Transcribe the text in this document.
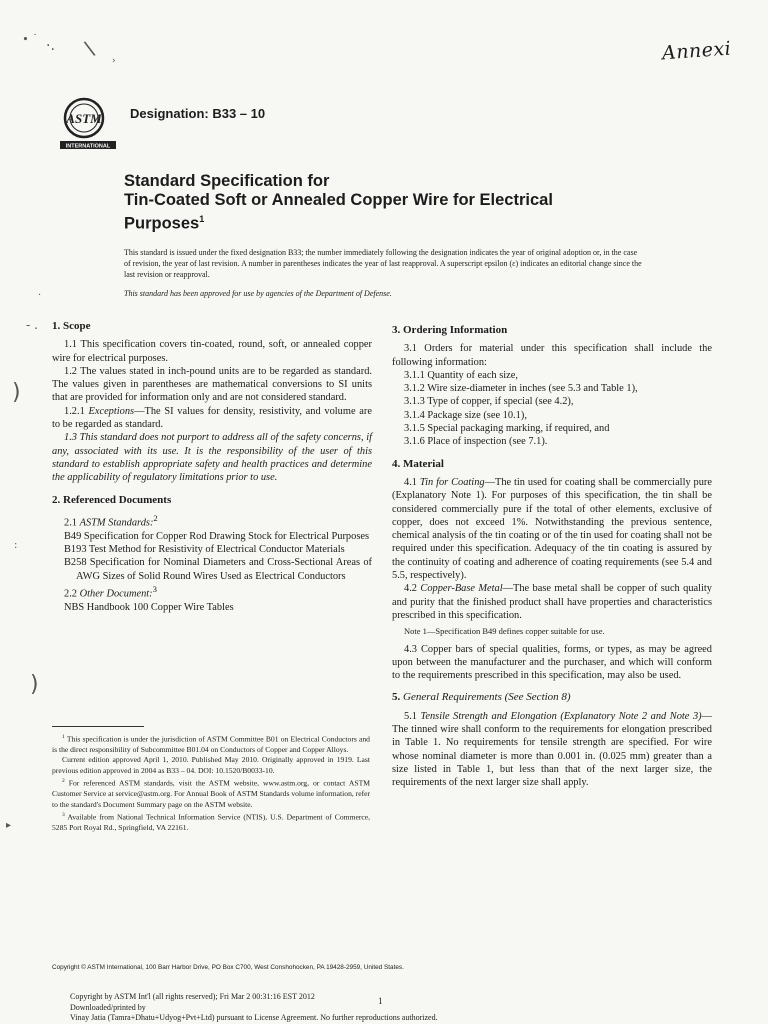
∙ ˙ ·. \
›
·
- .
)
:
)
▸
Annexi
ASTM
INTERNATIONAL
Designation: B33 – 10
Standard Specification for
Tin-Coated Soft or Annealed Copper Wire for Electrical
Purposes$^1$
This standard is issued under the fixed designation B33; the number immediately following the designation indicates the year of original adoption or, in the case of revision, the year of last revision. A number in parentheses indicates the year of last reapproval. A superscript epsilon (ε) indicates an editorial change since the last revision or reapproval.
This standard has been approved for use by agencies of the Department of Defense.
1. Scope

1.1 This specification covers tin-coated, round, soft, or annealed copper wire for electrical purposes.

1.2 The values stated in inch-pound units are to be regarded as standard. The values given in parentheses are mathematical conversions to SI units that are provided for information only and are not considered standard.

1.2.1 Exceptions—The SI values for density, resistivity, and volume are to be regarded as standard.

1.3 This standard does not purport to address all of the safety concerns, if any, associated with its use. It is the responsibility of the user of this standard to establish appropriate safety and health practices and determine the applicability of regulatory limitations prior to use.

2. Referenced Documents

2.1 ASTM Standards:$^2$

B49 Specification for Copper Rod Drawing Stock for Electrical Purposes

B193 Test Method for Resistivity of Electrical Conductor Materials

B258 Specification for Nominal Diameters and Cross-Sectional Areas of AWG Sizes of Solid Round Wires Used as Electrical Conductors

2.2 Other Document:$^3$

NBS Handbook 100 Copper Wire Tables

$^1$ This specification is under the jurisdiction of ASTM Committee B01 on Electrical Conductors and is the direct responsibility of Subcommittee B01.04 on Conductors of Copper and Copper Alloys.

Current edition approved April 1, 2010. Published May 2010. Originally approved in 1919. Last previous edition approved in 2004 as B33 – 04. DOI: 10.1520/B0033-10.

$^2$ For referenced ASTM standards, visit the ASTM website, www.astm.org, or contact ASTM Customer Service at service@astm.org. For Annual Book of ASTM Standards volume information, refer to the standard's Document Summary page on the ASTM website.

$^3$ Available from National Technical Information Service (NTIS), U.S. Department of Commerce, 5285 Port Royal Rd., Springfield, VA 22161.

3. Ordering Information

3.1 Orders for material under this specification shall include the following information:

3.1.1 Quantity of each size,

3.1.2 Wire size-diameter in inches (see 5.3 and Table 1),

3.1.3 Type of copper, if special (see 4.2),

3.1.4 Package size (see 10.1),

3.1.5 Special packaging marking, if required, and

3.1.6 Place of inspection (see 7.1).

4. Material

4.1 Tin for Coating—The tin used for coating shall be commercially pure (Explanatory Note 1). For purposes of this specification, the tin shall be considered commercially pure if the total of other elements, exclusive of copper, does not exceed 1%. Notwithstanding the previous sentence, chemical analysis of the tin coating or of the tin used for coating shall not be required under this specification. Adequacy of the tin coating is assured by the continuity of coating and adherence of coating requirements (see 5.4 and 5.5, respectively).

4.2 Copper-Base Metal—The base metal shall be copper of such quality and purity that the finished product shall have properties and characteristics prescribed in this specification.

Note 1—Specification B49 defines copper suitable for use.

4.3 Copper bars of special qualities, forms, or types, as may be agreed upon between the manufacturer and the purchaser, and which will conform to the requirements prescribed in this specification, may also be used.

5. General Requirements (See Section 8)

5.1 Tensile Strength and Elongation (Explanatory Note 2 and Note 3)—The tinned wire shall conform to the requirements for elongation prescribed in Table 1. No requirements for tensile strength are specified. For wire whose nominal diameter is more than 0.001 in. (0.025 mm) greater than a size listed in Table 1, but less than that of the next larger size, the requirements of the next larger size shall apply.

Copyright © ASTM International, 100 Barr Harbor Drive, PO Box C700, West Conshohocken, PA 19428-2959, United States.
Copyright by ASTM Int'l (all rights reserved); Fri Mar 2 00:31:16 EST 2012
Downloaded/printed by
Vinay Jatia (Tamra+Dhatu+Udyog+Pvt+Ltd) pursuant to License Agreement. No further reproductions authorized.
1
